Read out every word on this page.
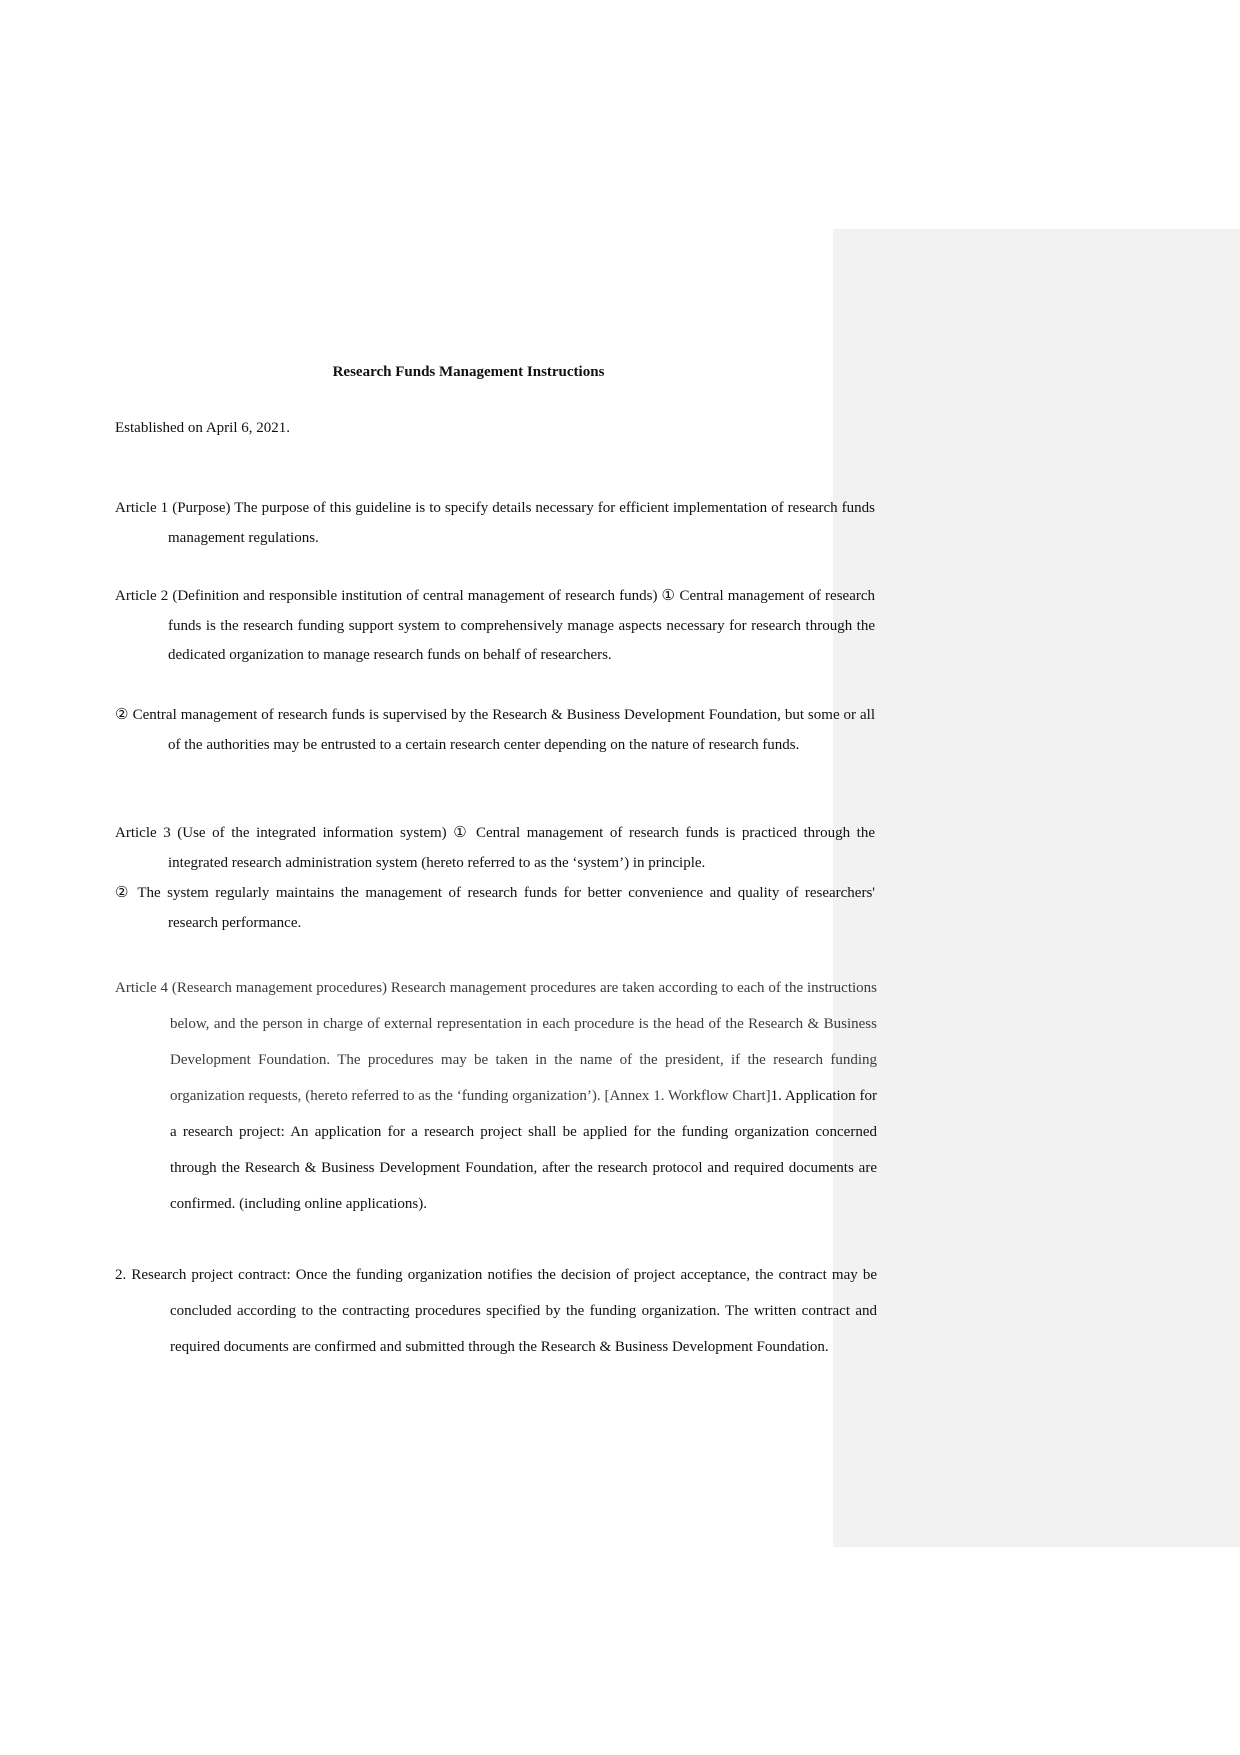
Research Funds Management Instructions
Established on April 6, 2021.

Article 1 (Purpose) The purpose of this guideline is to specify details necessary for efficient implementation of research funds management regulations.

Article 2 (Definition and responsible institution of central management of research funds) ① Central management of research funds is the research funding support system to comprehensively manage aspects necessary for research through the dedicated organization to manage research funds on behalf of researchers.

② Central management of research funds is supervised by the Research & Business Development Foundation, but some or all of the authorities may be entrusted to a certain research center depending on the nature of research funds.

Article 3 (Use of the integrated information system) ① Central management of research funds is practiced through the integrated research administration system (hereto referred to as the ‘system’) in principle.

② The system regularly maintains the management of research funds for better convenience and quality of researchers' research performance.

Article 4 (Research management procedures) Research management procedures are taken according to each of the instructions below, and the person in charge of external representation in each procedure is the head of the Research & Business Development Foundation. The procedures may be taken in the name of the president, if the research funding organization requests, (hereto referred to as the ‘funding organization’). [Annex 1. Workflow Chart]1. Application for a research project: An application for a research project shall be applied for the funding organization concerned through the Research & Business Development Foundation, after the research protocol and required documents are confirmed. (including online applications).

2. Research project contract: Once the funding organization notifies the decision of project acceptance, the contract may be concluded according to the contracting procedures specified by the funding organization. The written contract and required documents are confirmed and submitted through the Research & Business Development Foundation.
